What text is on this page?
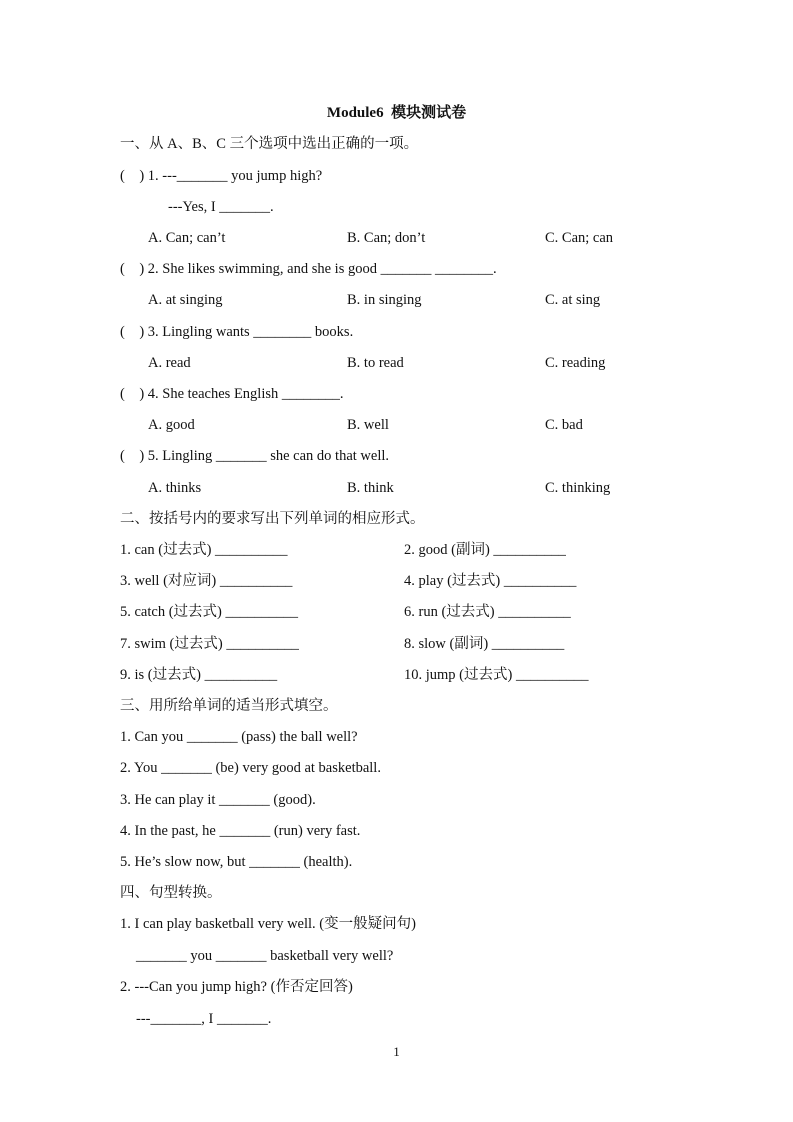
Module6  模块测试卷
一、从 A、B、C 三个选项中选出正确的一项。
(    ) 1. ---_______ you jump high?
---Yes, I _______.
A. Can; can’t	B. Can; don’t	C. Can; can
(    ) 2. She likes swimming, and she is good _______ ________.
A. at singing	B. in singing	C. at sing
(    ) 3. Lingling wants ________ books.
A. read	B. to read	C. reading
(    ) 4. She teaches English ________.
A. good	B. well	C. bad
(    ) 5. Lingling _______ she can do that well.
A. thinks	B. think	C. thinking
二、按括号内的要求写出下列单词的相应形式。
1. can (过去式) __________	2. good (副词) __________
3. well (对应词) __________	4. play (过去式) __________
5. catch (过去式) __________	6. run (过去式) __________
7. swim (过去式) __________	8. slow (副词) __________
9. is (过去式) __________	10. jump (过去式) __________
三、用所给单词的适当形式填空。
1. Can you _______ (pass) the ball well?
2. You _______ (be) very good at basketball.
3. He can play it _______ (good).
4. In the past, he _______ (run) very fast.
5. He’s slow now, but _______ (health).
四、句型转换。
1. I can play basketball very well. (变一般疑问句)
_______ you _______ basketball very well?
2. ---Can you jump high? (作否定回答)
---_______, I _______.
1
